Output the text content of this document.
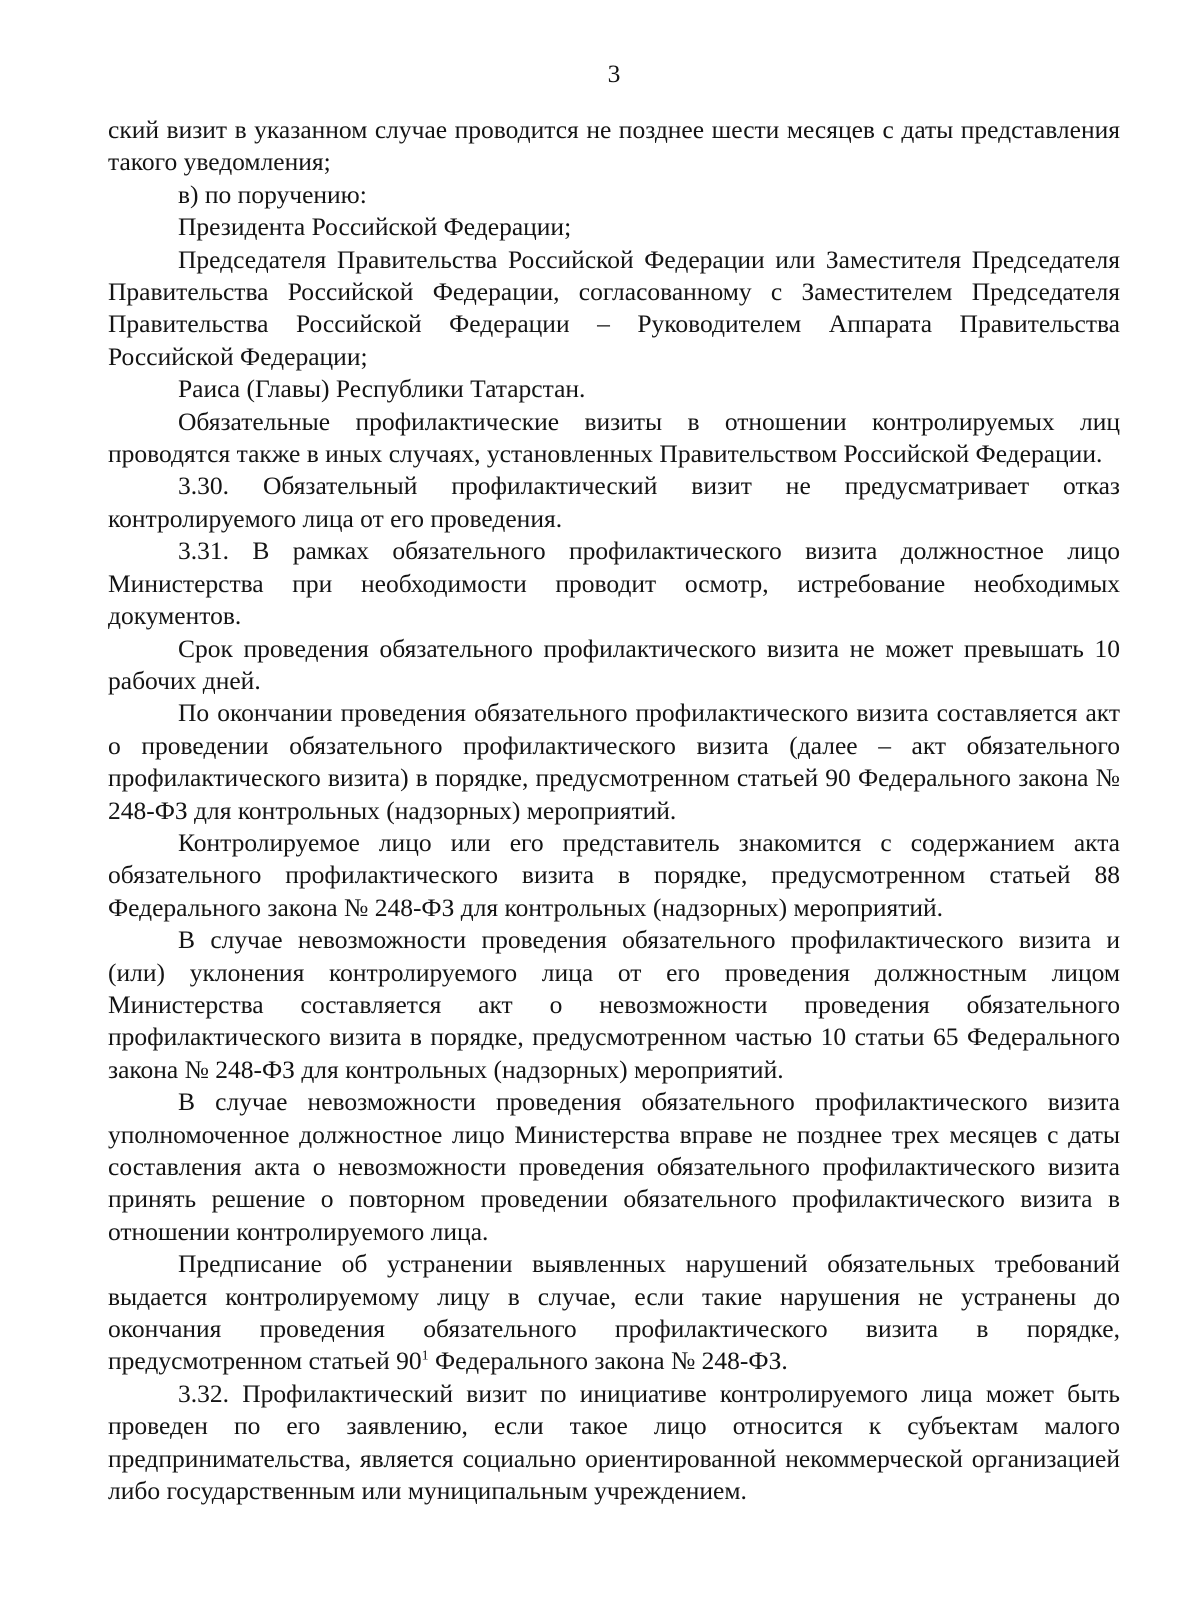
3

ский визит в указанном случае проводится не позднее шести месяцев с даты представления такого уведомления;

в) по поручению:

Президента Российской Федерации;

Председателя Правительства Российской Федерации или Заместителя Председателя Правительства Российской Федерации, согласованному с Заместителем Председателя Правительства Российской Федерации – Руководителем Аппарата Правительства Российской Федерации;

Раиса (Главы) Республики Татарстан.

Обязательные профилактические визиты в отношении контролируемых лиц проводятся также в иных случаях, установленных Правительством Российской Федерации.

3.30. Обязательный профилактический визит не предусматривает отказ контролируемого лица от его проведения.

3.31. В рамках обязательного профилактического визита должностное лицо Министерства при необходимости проводит осмотр, истребование необходимых документов.

Срок проведения обязательного профилактического визита не может превышать 10 рабочих дней.

По окончании проведения обязательного профилактического визита составляется акт о проведении обязательного профилактического визита (далее – акт обязательного профилактического визита) в порядке, предусмотренном статьей 90 Федерального закона № 248-ФЗ для контрольных (надзорных) мероприятий.

Контролируемое лицо или его представитель знакомится с содержанием акта обязательного профилактического визита в порядке, предусмотренном статьей 88 Федерального закона № 248-ФЗ для контрольных (надзорных) мероприятий.

В случае невозможности проведения обязательного профилактического визита и (или) уклонения контролируемого лица от его проведения должностным лицом Министерства составляется акт о невозможности проведения обязательного профилактического визита в порядке, предусмотренном частью 10 статьи 65 Федерального закона № 248-ФЗ для контрольных (надзорных) мероприятий.

В случае невозможности проведения обязательного профилактического визита уполномоченное должностное лицо Министерства вправе не позднее трех месяцев с даты составления акта о невозможности проведения обязательного профилактического визита принять решение о повторном проведении обязательного профилактического визита в отношении контролируемого лица.

Предписание об устранении выявленных нарушений обязательных требований выдается контролируемому лицу в случае, если такие нарушения не устранены до окончания проведения обязательного профилактического визита в порядке, предусмотренном статьей $90^1$ Федерального закона № 248-ФЗ.

3.32. Профилактический визит по инициативе контролируемого лица может быть проведен по его заявлению, если такое лицо относится к субъектам малого предпринимательства, является социально ориентированной некоммерческой организацией либо государственным или муниципальным учреждением.
